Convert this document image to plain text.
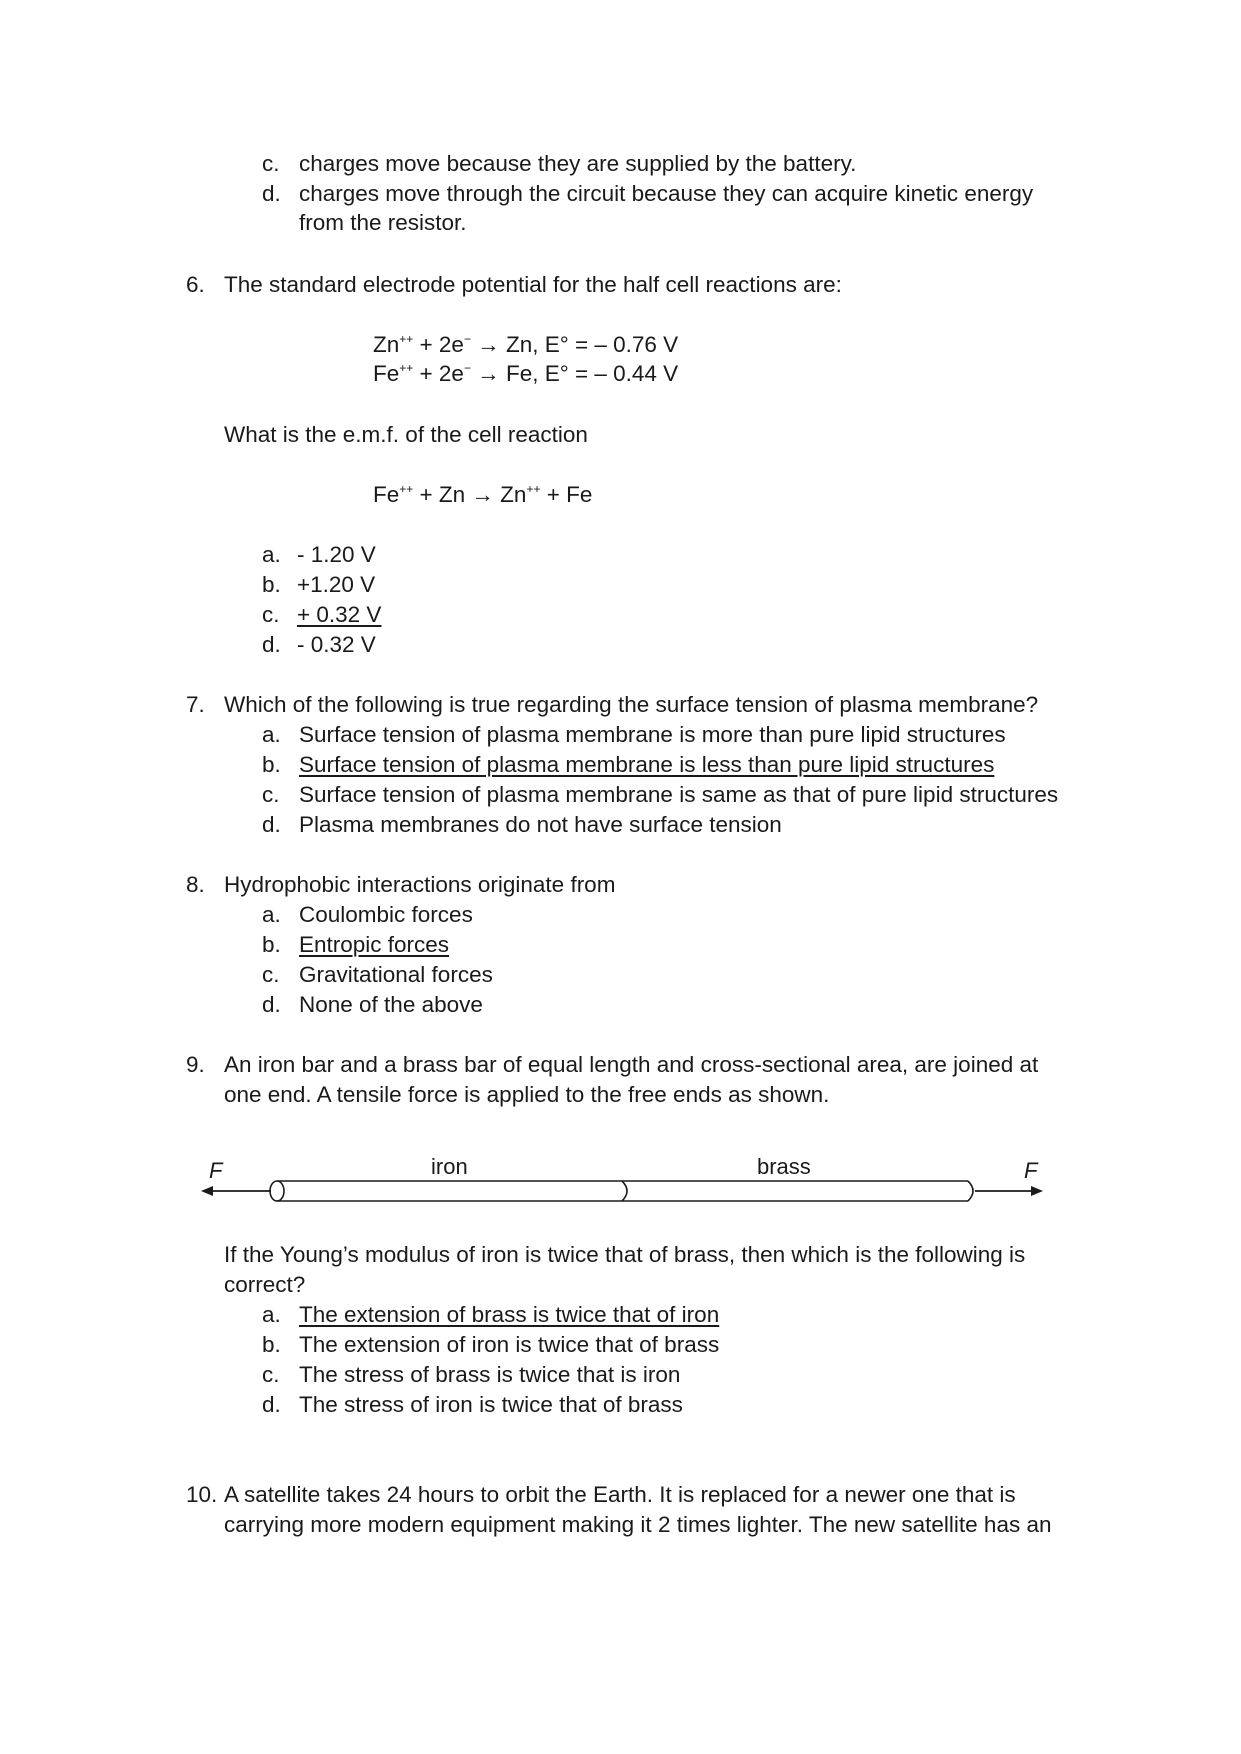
c. charges move because they are supplied by the battery.
d. charges move through the circuit because they can acquire kinetic energy
from the resistor.
6. The standard electrode potential for the half cell reactions are:
Zn++ + 2e− → Zn, E° = – 0.76 V
Fe++ + 2e− → Fe, E° = – 0.44 V
What is the e.m.f. of the cell reaction
Fe++ + Zn → Zn++ + Fe
a. - 1.20 V
b. +1.20 V
c. + 0.32 V
d. - 0.32 V
7. Which of the following is true regarding the surface tension of plasma membrane?
a. Surface tension of plasma membrane is more than pure lipid structures
b. Surface tension of plasma membrane is less than pure lipid structures
c. Surface tension of plasma membrane is same as that of pure lipid structures
d. Plasma membranes do not have surface tension
8. Hydrophobic interactions originate from
a. Coulombic forces
b. Entropic forces
c. Gravitational forces
d. None of the above
9. An iron bar and a brass bar of equal length and cross-sectional area, are joined at
one end. A tensile force is applied to the free ends as shown.
F	iron	brass	F
If the Young’s modulus of iron is twice that of brass, then which is the following is
correct?
a. The extension of brass is twice that of iron
b. The extension of iron is twice that of brass
c. The stress of brass is twice that is iron
d. The stress of iron is twice that of brass
10. A satellite takes 24 hours to orbit the Earth. It is replaced for a newer one that is
carrying more modern equipment making it 2 times lighter. The new satellite has an
